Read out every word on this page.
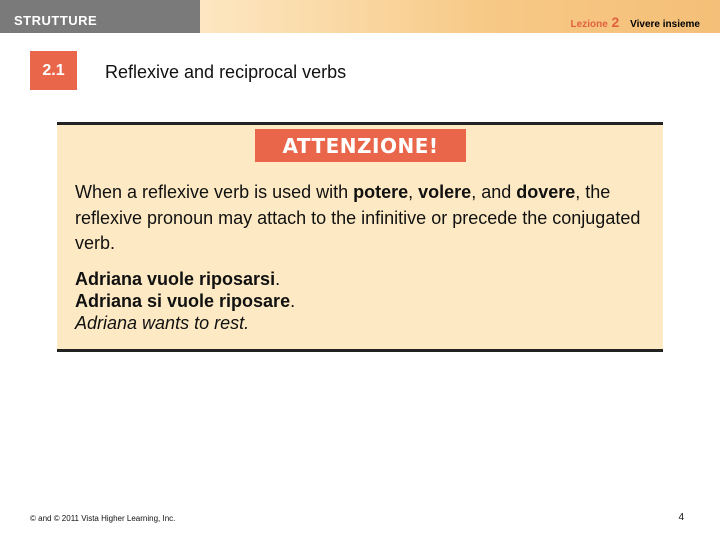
STRUTTURE	Lezione 2 Vivere insieme
2.1	Reflexive and reciprocal verbs
ATTENZIONE!
When a reflexive verb is used with potere, volere, and dovere, the reflexive pronoun may attach to the infinitive or precede the conjugated verb.
Adriana vuole riposarsi.
Adriana si vuole riposare.
Adriana wants to rest.
© and © 2011 Vista Higher Learning, Inc.	4
